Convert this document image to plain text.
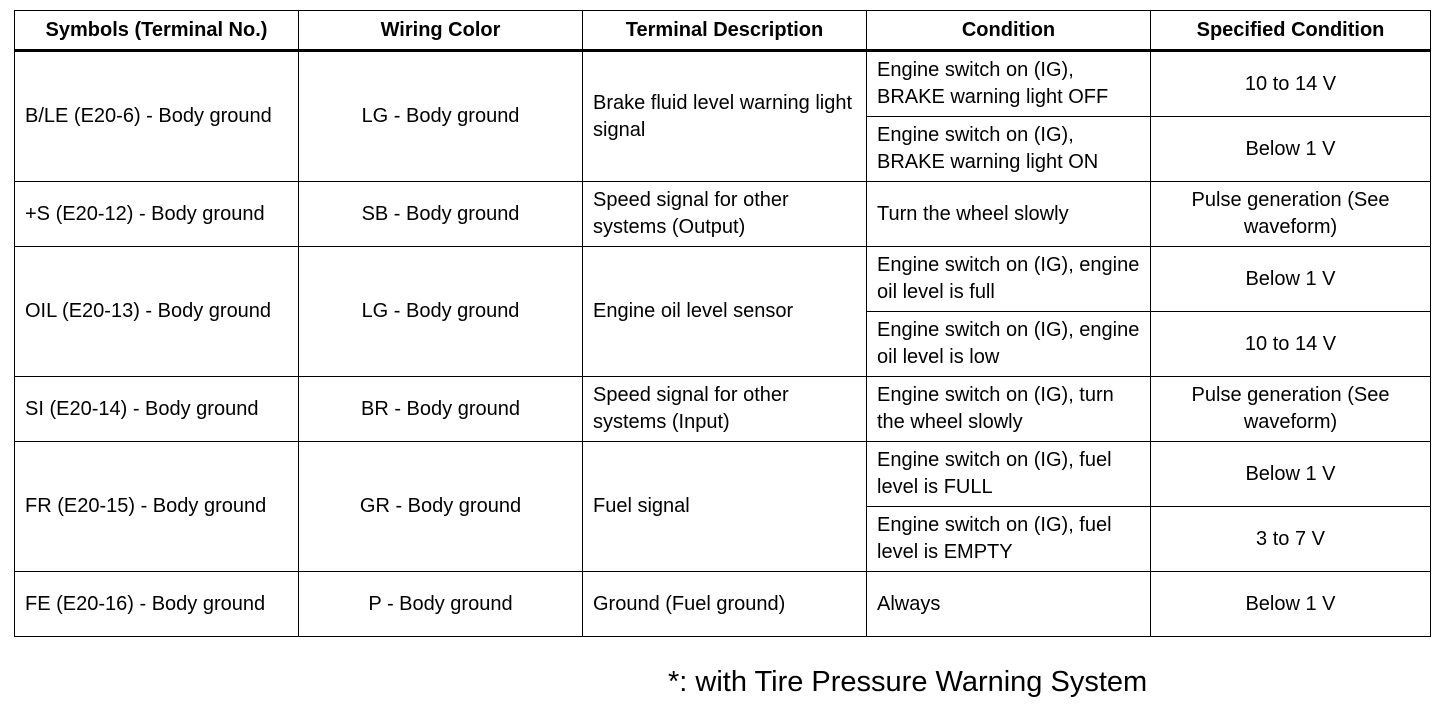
Symbols (Terminal No.)	Wiring Color	Terminal Description	Condition	Specified Condition
B/LE (E20-6) - Body ground	LG - Body ground	Brake fluid level warning light signal	Engine switch on (IG), BRAKE warning light OFF	10 to 14 V
			Engine switch on (IG), BRAKE warning light ON	Below 1 V
+S (E20-12) - Body ground	SB - Body ground	Speed signal for other systems (Output)	Turn the wheel slowly	Pulse generation (See waveform)
OIL (E20-13) - Body ground	LG - Body ground	Engine oil level sensor	Engine switch on (IG), engine oil level is full	Below 1 V
			Engine switch on (IG), engine oil level is low	10 to 14 V
SI (E20-14) - Body ground	BR - Body ground	Speed signal for other systems (Input)	Engine switch on (IG), turn the wheel slowly	Pulse generation (See waveform)
FR (E20-15) - Body ground	GR - Body ground	Fuel signal	Engine switch on (IG), fuel level is FULL	Below 1 V
			Engine switch on (IG), fuel level is EMPTY	3 to 7 V
FE (E20-16) - Body ground	P - Body ground	Ground (Fuel ground)	Always	Below 1 V
*: with Tire Pressure Warning System
